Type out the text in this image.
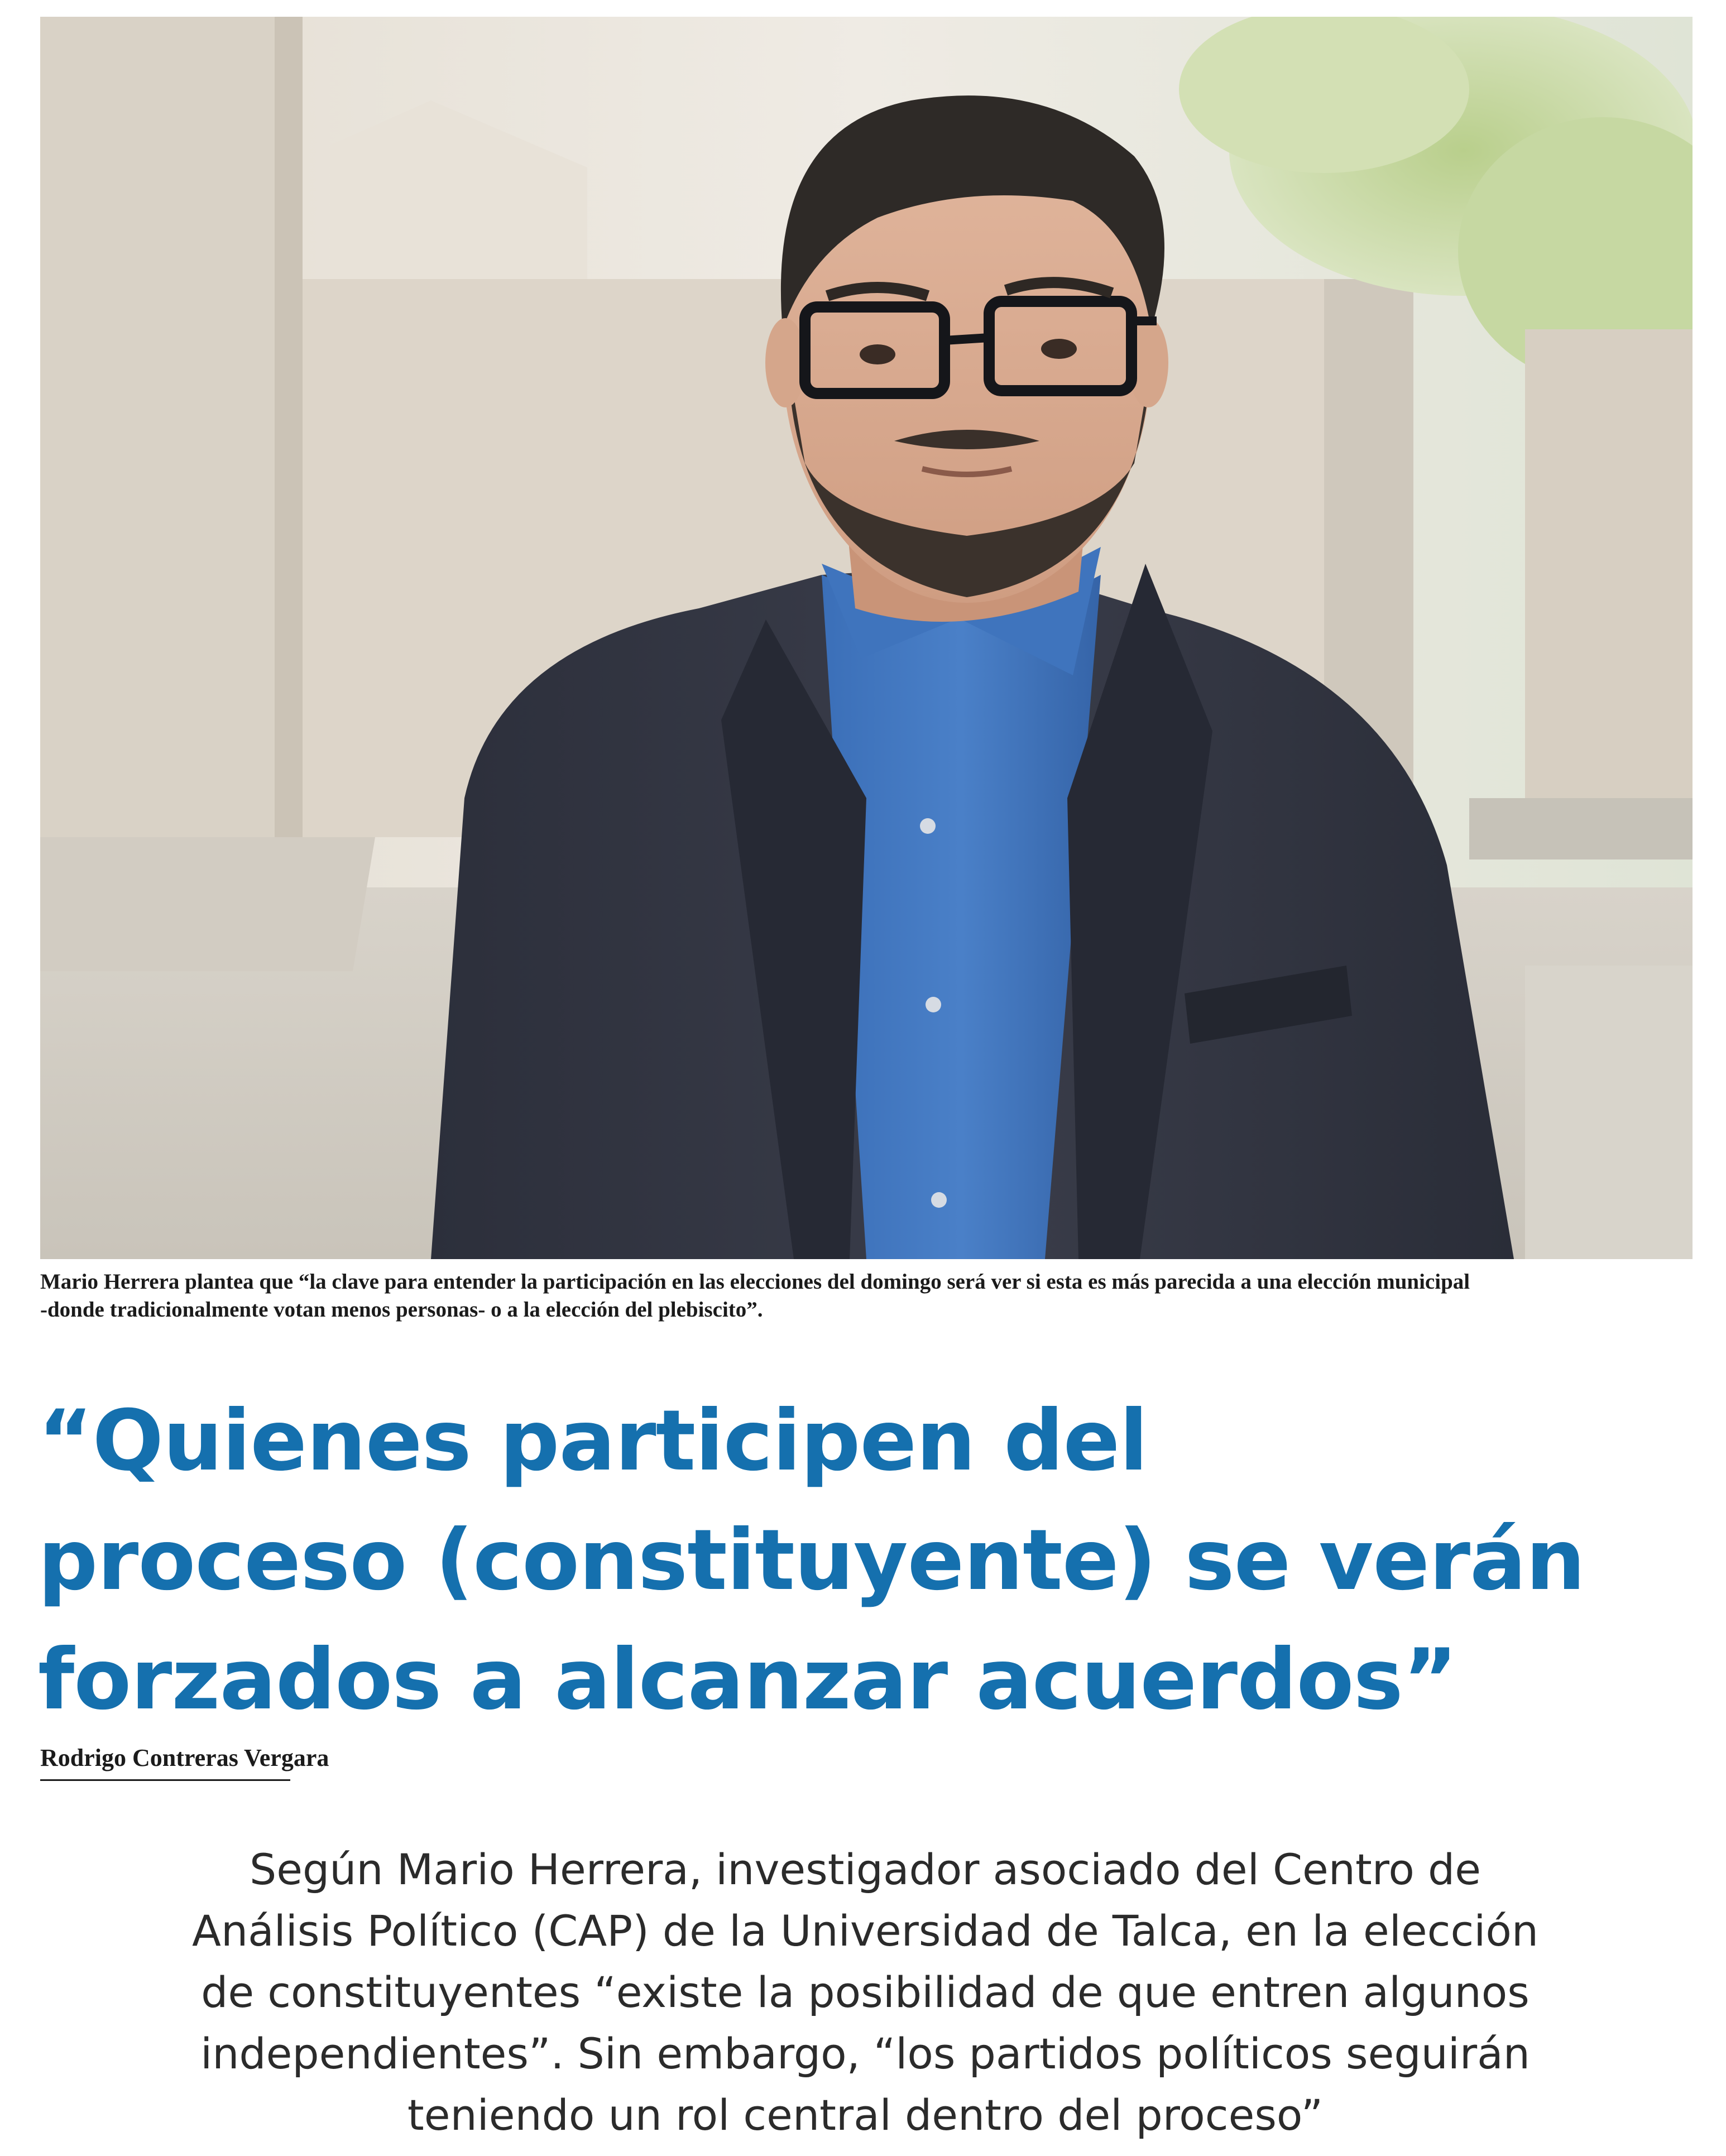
Mario Herrera plantea que “la clave para entender la participación en las elecciones del domingo será ver si esta es más parecida a una elección municipal
-donde tradicionalmente votan menos personas- o a la elección del plebiscito”.
“Quienes participen del
proceso (constituyente) se verán
forzados a alcanzar acuerdos”
Rodrigo Contreras Vergara

Según Mario Herrera, investigador asociado del Centro de
Análisis Político (CAP) de la Universidad de Talca, en la elección
de constituyentes “existe la posibilidad de que entren algunos
independientes”. Sin embargo, “los partidos políticos seguirán
teniendo un rol central dentro del proceso”
